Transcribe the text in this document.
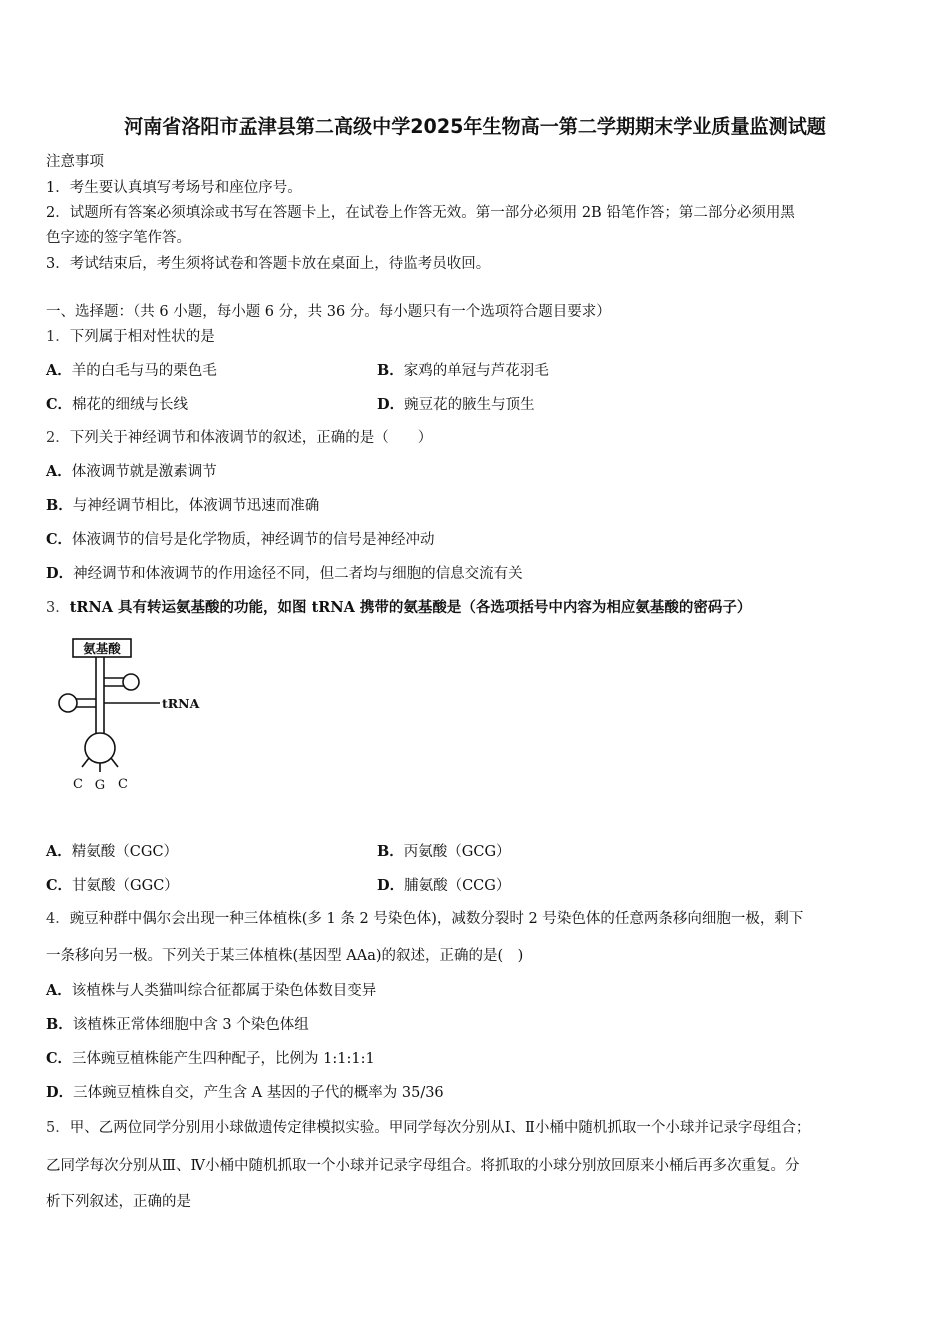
河南省洛阳市孟津县第二高级中学2025年生物高一第二学期期末学业质量监测试题
注意事项
1．考生要认真填写考场号和座位序号。
2．试题所有答案必须填涂或书写在答题卡上，在试卷上作答无效。第一部分必须用 2B 铅笔作答；第二部分必须用黑
色字迹的签字笔作答。
3．考试结束后，考生须将试卷和答题卡放在桌面上，待监考员收回。
一、选择题：（共 6 小题，每小题 6 分，共 36 分。每小题只有一个选项符合题目要求）
1．下列属于相对性状的是
A．羊的白毛与马的栗色毛	B．家鸡的单冠与芦花羽毛
C．棉花的细绒与长线	D．豌豆花的腋生与顶生
2．下列关于神经调节和体液调节的叙述，正确的是（　　）
A．体液调节就是激素调节
B．与神经调节相比，体液调节迅速而准确
C．体液调节的信号是化学物质，神经调节的信号是神经冲动
D．神经调节和体液调节的作用途径不同，但二者均与细胞的信息交流有关
3．tRNA 具有转运氨基酸的功能，如图 tRNA 携带的氨基酸是（各选项括号中内容为相应氨基酸的密码子）
氨基酸
tRNA
C G C
A．精氨酸（CGC）	B．丙氨酸（GCG）
C．甘氨酸（GGC）	D．脯氨酸（CCG）
4．豌豆种群中偶尔会出现一种三体植株(多 1 条 2 号染色体)，减数分裂时 2 号染色体的任意两条移向细胞一极，剩下
一条移向另一极。下列关于某三体植株(基因型 AAa)的叙述，正确的是(　)
A．该植株与人类猫叫综合征都属于染色体数目变异
B．该植株正常体细胞中含 3 个染色体组
C．三体豌豆植株能产生四种配子，比例为 1:1:1:1
D．三体豌豆植株自交，产生含 A 基因的子代的概率为 35/36
5．甲、乙两位同学分别用小球做遗传定律模拟实验。甲同学每次分别从Ⅰ、Ⅱ小桶中随机抓取一个小球并记录字母组合；
乙同学每次分别从Ⅲ、Ⅳ小桶中随机抓取一个小球并记录字母组合。将抓取的小球分别放回原来小桶后再多次重复。分
析下列叙述，正确的是
